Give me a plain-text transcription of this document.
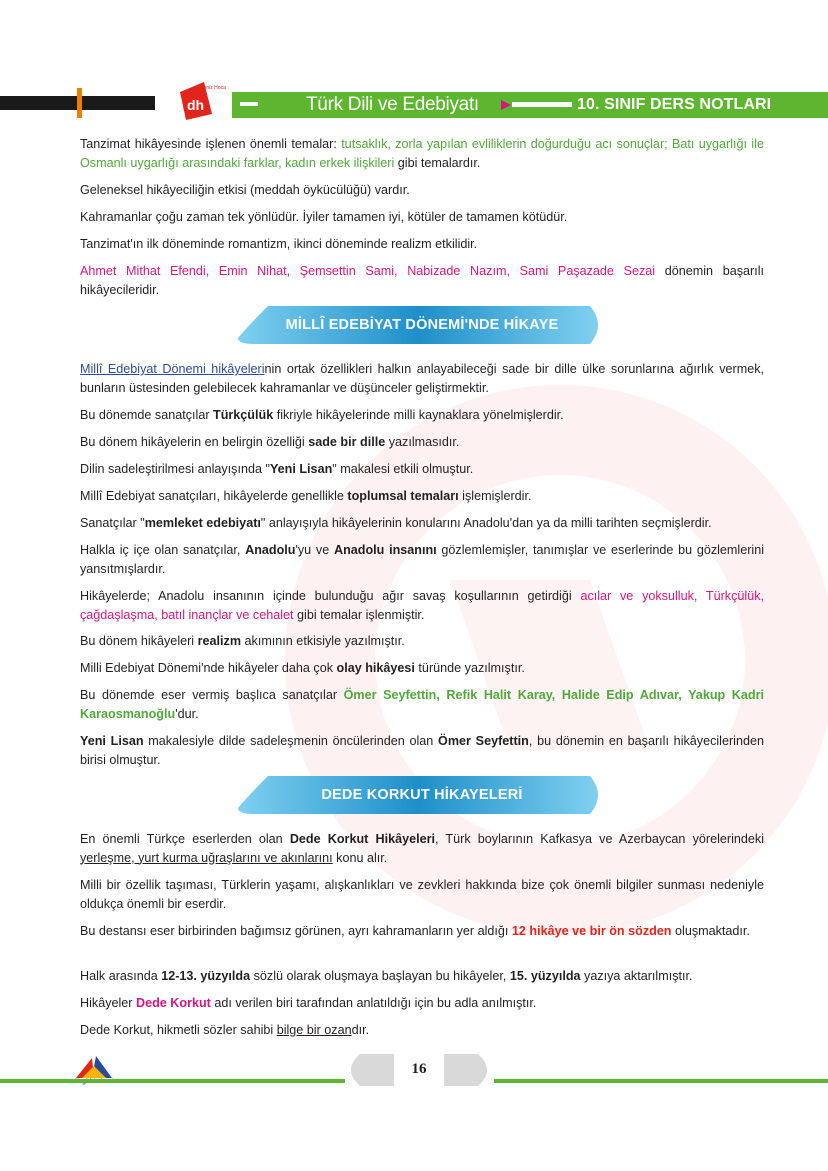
dh
Deniz Hoca
Türk Dili ve Edebiyatı	10. SINIF DERS NOTLARI

Tanzimat hikâyesinde işlenen önemli temalar: tutsaklık, zorla yapılan evliliklerin doğurduğu acı sonuçlar; Batı uygarlığı ile Osmanlı uygarlığı arasındaki farklar, kadın erkek ilişkileri gibi temalardır.

Geleneksel hikâyeciliğin etkisi (meddah öykücülüğü) vardır.

Kahramanlar çoğu zaman tek yönlüdür. İyiler tamamen iyi, kötüler de tamamen kötüdür.

Tanzimat'ın ilk döneminde romantizm, ikinci döneminde realizm etkilidir.

Ahmet Mithat Efendi, Emin Nihat, Şemsettin Sami, Nabizade Nazım, Sami Paşazade Sezai dönemin başarılı hikâyecileridir.

MİLLÎ EDEBİYAT DÖNEMİ'NDE HİKAYE

Millî Edebiyat Dönemi hikâyelerinin ortak özellikleri halkın anlayabileceği sade bir dille ülke sorunlarına ağırlık vermek, bunların üstesinden gelebilecek kahramanlar ve düşünceler geliştirmektir.

Bu dönemde sanatçılar Türkçülük fikriyle hikâyelerinde milli kaynaklara yönelmişlerdir.

Bu dönem hikâyelerin en belirgin özelliği sade bir dille yazılmasıdır.

Dilin sadeleştirilmesi anlayışında "Yeni Lisan" makalesi etkili olmuştur.

Millî Edebiyat sanatçıları, hikâyelerde genellikle toplumsal temaları işlemişlerdir.

Sanatçılar "memleket edebiyatı" anlayışıyla hikâyelerinin konularını Anadolu'dan ya da milli tarihten seçmişlerdir.

Halkla iç içe olan sanatçılar, Anadolu'yu ve Anadolu insanını gözlemlemişler, tanımışlar ve eserlerinde bu gözlemlerini yansıtmışlardır.

Hikâyelerde; Anadolu insanının içinde bulunduğu ağır savaş koşullarının getirdiği acılar ve yoksulluk, Türkçülük, çağdaşlaşma, batıl inançlar ve cehalet gibi temalar işlenmiştir.

Bu dönem hikâyeleri realizm akımının etkisiyle yazılmıştır.

Milli Edebiyat Dönemi'nde hikâyeler daha çok olay hikâyesi türünde yazılmıştır.

Bu dönemde eser vermiş başlıca sanatçılar Ömer Seyfettin, Refik Halit Karay, Halide Edip Adıvar, Yakup Kadri Karaosmanoğlu'dur.

Yeni Lisan makalesiyle dilde sadeleşmenin öncülerinden olan Ömer Seyfettin, bu dönemin en başarılı hikâyecilerinden birisi olmuştur.

DEDE KORKUT HİKAYELERİ

En önemli Türkçe eserlerden olan Dede Korkut Hikâyeleri, Türk boylarının Kafkasya ve Azerbaycan yörelerindeki yerleşme, yurt kurma uğraşlarını ve akınlarını konu alır.

Milli bir özellik taşıması, Türklerin yaşamı, alışkanlıkları ve zevkleri hakkında bize çok önemli bilgiler sunması nedeniyle oldukça önemli bir eserdir.

Bu destansı eser birbirinden bağımsız görünen, ayrı kahramanların yer aldığı 12 hikâye ve bir ön sözden oluşmaktadır.

Halk arasında 12-13. yüzyılda sözlü olarak oluşmaya başlayan bu hikâyeler, 15. yüzyılda yazıya aktarılmıştır.

Hikâyeler Dede Korkut adı verilen biri tarafından anlatıldığı için bu adla anılmıştır.

Dede Korkut, hikmetli sözler sahibi bilge bir ozandır.

16
